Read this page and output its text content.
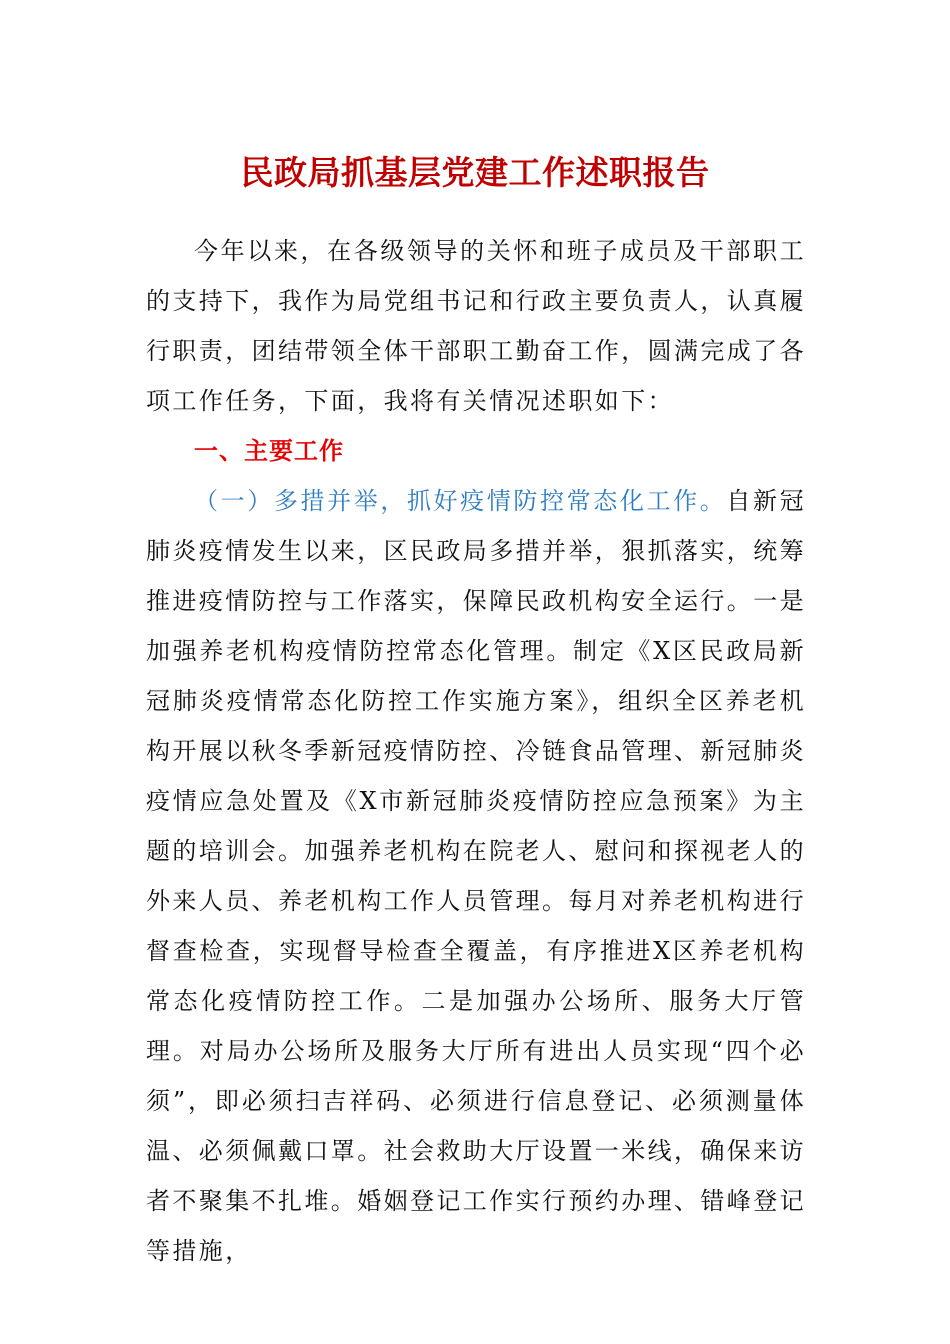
民政局抓基层党建工作述职报告

今年以来，在各级领导的关怀和班子成员及干部职工的支持下，我作为局党组书记和行政主要负责人，认真履行职责，团结带领全体干部职工勤奋工作，圆满完成了各项工作任务，下面，我将有关情况述职如下：

一、主要工作

（一）多措并举，抓好疫情防控常态化工作。自新冠肺炎疫情发生以来，区民政局多措并举，狠抓落实，统筹推进疫情防控与工作落实，保障民政机构安全运行。一是加强养老机构疫情防控常态化管理。制定《X区民政局新冠肺炎疫情常态化防控工作实施方案》，组织全区养老机构开展以秋冬季新冠疫情防控、冷链食品管理、新冠肺炎疫情应急处置及《X市新冠肺炎疫情防控应急预案》为主题的培训会。加强养老机构在院老人、慰问和探视老人的外来人员、养老机构工作人员管理。每月对养老机构进行督查检查，实现督导检查全覆盖，有序推进X区养老机构常态化疫情防控工作。二是加强办公场所、服务大厅管理。对局办公场所及服务大厅所有进出人员实现“四个必须”，即必须扫吉祥码、必须进行信息登记、必须测量体温、必须佩戴口罩。社会救助大厅设置一米线，确保来访者不聚集不扎堆。婚姻登记工作实行预约办理、错峰登记等措施，
